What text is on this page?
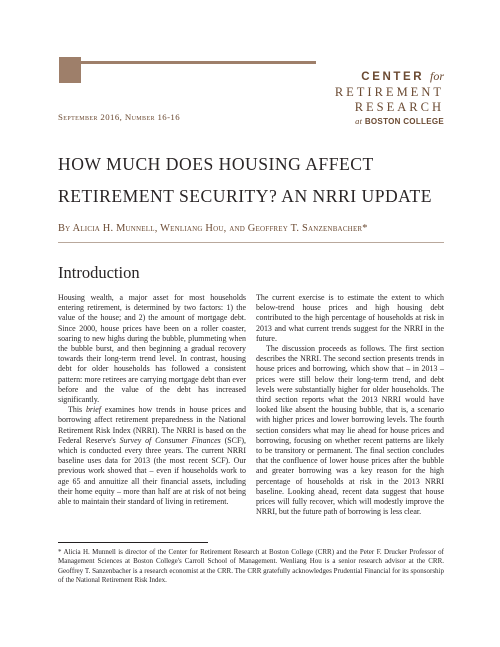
September 2016, Number 16-16
CENTER for
RETIREMENT
RESEARCH
at BOSTON COLLEGE
HOW MUCH DOES HOUSING AFFECT
RETIREMENT SECURITY? AN NRRI UPDATE
By Alicia H. Munnell, Wenliang Hou, and Geoffrey T. Sanzenbacher*
Introduction

Housing wealth, a major asset for most households entering retirement, is determined by two factors: 1) the value of the house; and 2) the amount of mortgage debt. Since 2000, house prices have been on a roller coaster, soaring to new highs during the bubble, plummeting when the bubble burst, and then beginning a gradual recovery towards their long-term trend level. In contrast, housing debt for older households has followed a consistent pattern: more retirees are carrying mortgage debt than ever before and the value of the debt has increased significantly.

This brief examines how trends in house prices and borrowing affect retirement preparedness in the National Retirement Risk Index (NRRI). The NRRI is based on the Federal Reserve's Survey of Consumer Finances (SCF), which is conducted every three years. The current NRRI baseline uses data for 2013 (the most recent SCF). Our previous work showed that – even if households work to age 65 and annuitize all their financial assets, including their home equity – more than half are at risk of not being able to maintain their standard of living in retirement.

The current exercise is to estimate the extent to which below-trend house prices and high housing debt contributed to the high percentage of households at risk in 2013 and what current trends suggest for the NRRI in the future.

The discussion proceeds as follows. The first section describes the NRRI. The second section presents trends in house prices and borrowing, which show that – in 2013 – prices were still below their long-term trend, and debt levels were substantially higher for older households. The third section reports what the 2013 NRRI would have looked like absent the housing bubble, that is, a scenario with higher prices and lower borrowing levels. The fourth section considers what may lie ahead for house prices and borrowing, focusing on whether recent patterns are likely to be transitory or permanent. The final section concludes that the confluence of lower house prices after the bubble and greater borrowing was a key reason for the high percentage of households at risk in the 2013 NRRI baseline. Looking ahead, recent data suggest that house prices will fully recover, which will modestly improve the NRRI, but the future path of borrowing is less clear.

* Alicia H. Munnell is director of the Center for Retirement Research at Boston College (CRR) and the Peter F. Drucker Professor of Management Sciences at Boston College's Carroll School of Management. Wenliang Hou is a senior research advisor at the CRR. Geoffrey T. Sanzenbacher is a research economist at the CRR. The CRR gratefully acknowledges Prudential Financial for its sponsorship of the National Retirement Risk Index.
